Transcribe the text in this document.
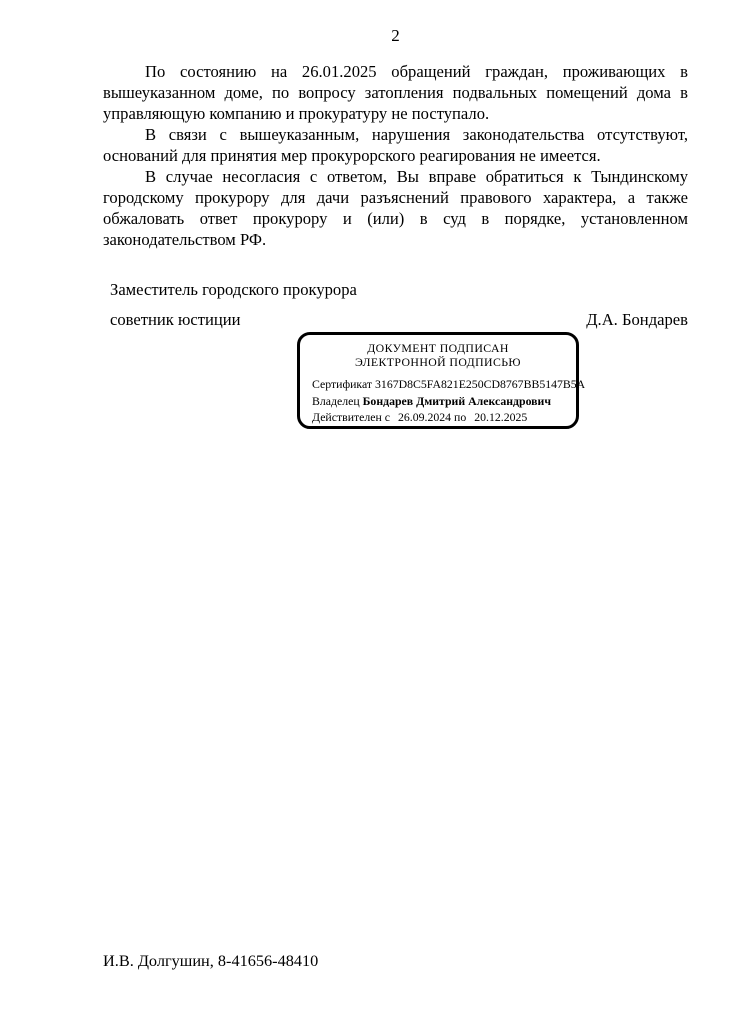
2

По состоянию на 26.01.2025 обращений граждан, проживающих в вышеуказанном доме, по вопросу затопления подвальных помещений дома в управляющую компанию и прокуратуру не поступало.

В связи с вышеуказанным, нарушения законодательства отсутствуют, оснований для принятия мер прокурорского реагирования не имеется.

В случае несогласия с ответом, Вы вправе обратиться к Тындинскому городскому прокурору для дачи разъяснений правового характера, а также обжаловать ответ прокурору и (или) в суд в порядке, установленном законодательством РФ.

Заместитель городского прокурора
советник юстиции	Д.А. Бондарев
ДОКУМЕНТ ПОДПИСАН
ЭЛЕКТРОННОЙ ПОДПИСЬЮ
Сертификат 3167D8C5FA821E250CD8767BB5147B5A
Владелец Бондарев Дмитрий Александрович
Действителен с 26.09.2024 по 20.12.2025
И.В. Долгушин, 8-41656-48410
